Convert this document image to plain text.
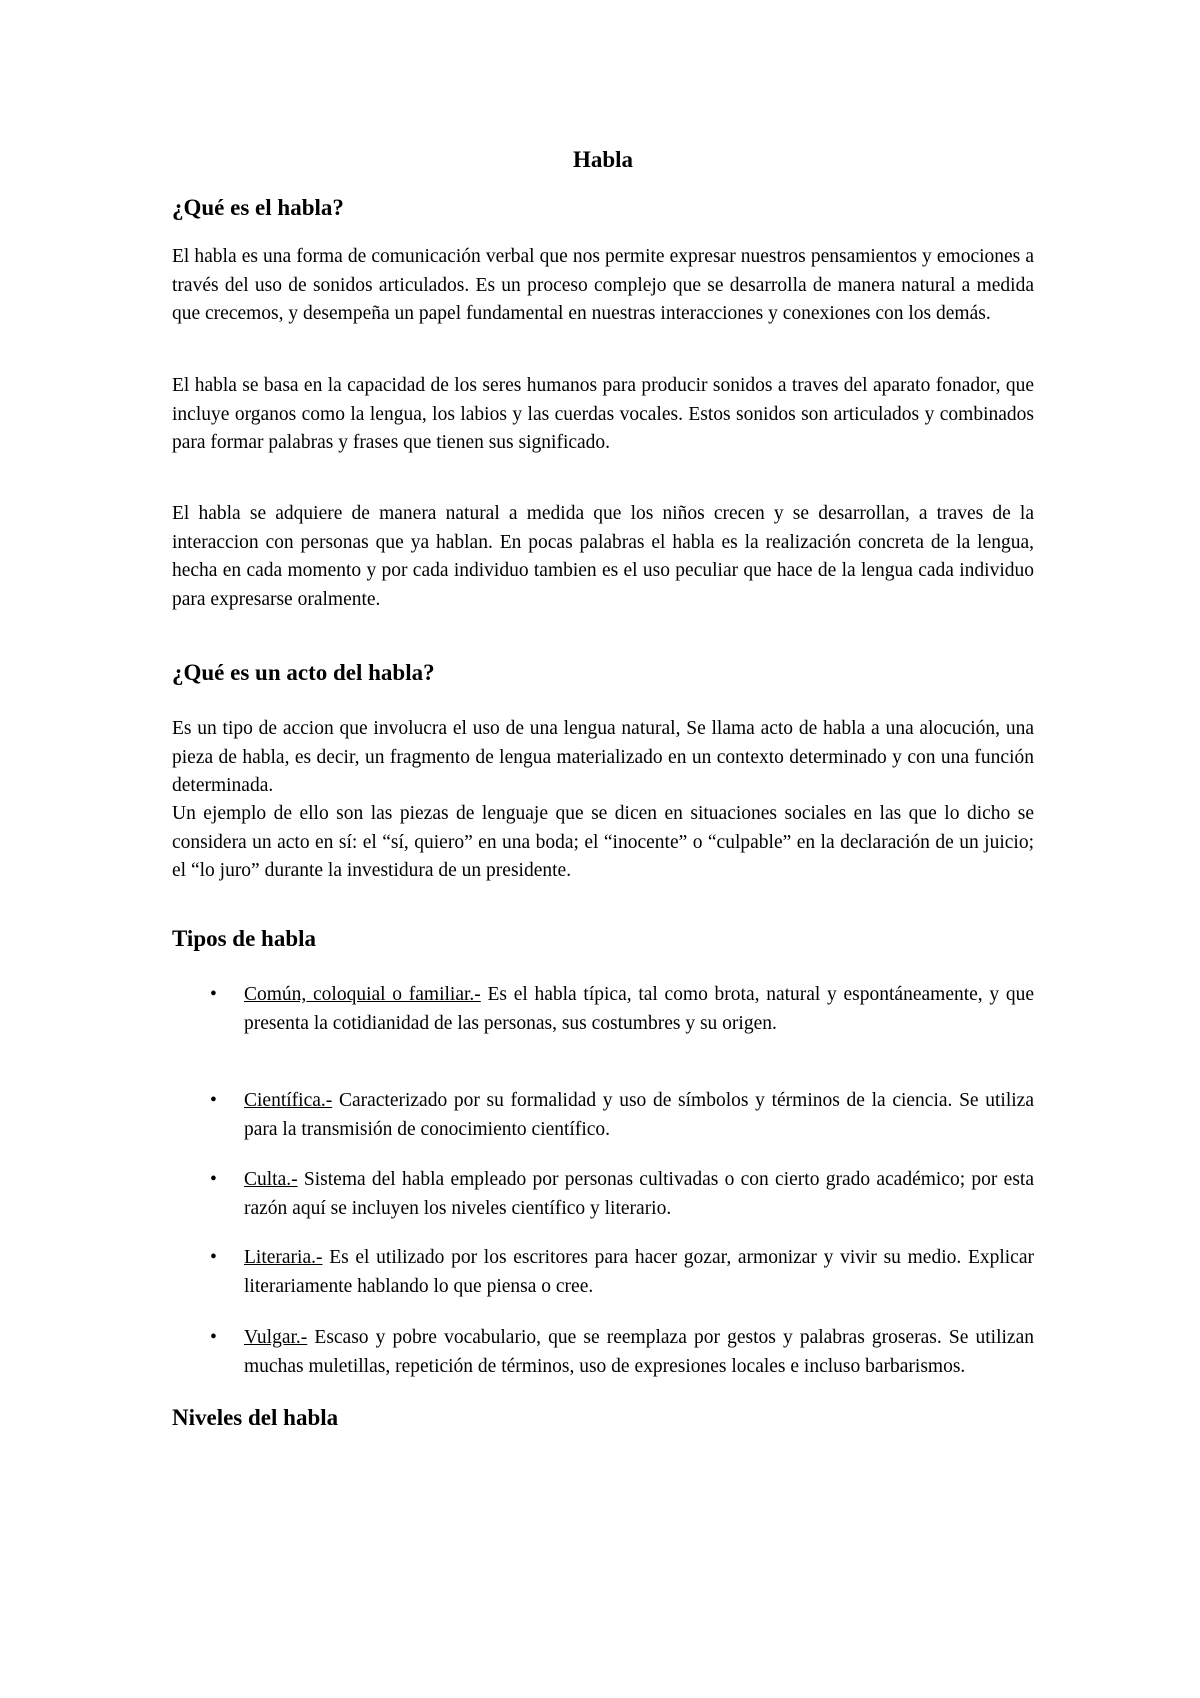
Habla
¿Qué es el habla?

El habla es una forma de comunicación verbal que nos permite expresar nuestros pensamientos y emociones a través del uso de sonidos articulados. Es un proceso complejo que se desarrolla de manera natural a medida que crecemos, y desempeña un papel fundamental en nuestras interacciones y conexiones con los demás.

El habla se basa en la capacidad de los seres humanos para producir sonidos a traves del aparato fonador, que incluye organos como la lengua, los labios y las cuerdas vocales. Estos sonidos son articulados y combinados para formar palabras y frases que tienen sus significado.

El habla se adquiere de manera natural a medida que los niños crecen y se desarrollan, a traves de la interaccion con personas que ya hablan. En pocas palabras el habla es la realización concreta de la lengua, hecha en cada momento y por cada individuo tambien es el uso peculiar que hace de la lengua cada individuo para expresarse oralmente.

¿Qué es un acto del habla?

Es un tipo de accion que involucra el uso de una lengua natural, Se llama acto de habla a una alocución, una pieza de habla, es decir, un fragmento de lengua materializado en un contexto determinado y con una función determinada.

Un ejemplo de ello son las piezas de lenguaje que se dicen en situaciones sociales en las que lo dicho se considera un acto en sí: el “sí, quiero” en una boda; el “inocente” o “culpable” en la declaración de un juicio; el “lo juro” durante la investidura de un presidente.

Tipos de habla
• Común, coloquial o familiar.- Es el habla típica, tal como brota, natural y espontáneamente, y que presenta la cotidianidad de las personas, sus costumbres y su origen.
• Científica.- Caracterizado por su formalidad y uso de símbolos y términos de la ciencia. Se utiliza para la transmisión de conocimiento científico.
• Culta.- Sistema del habla empleado por personas cultivadas o con cierto grado académico; por esta razón aquí se incluyen los niveles científico y literario.
• Literaria.- Es el utilizado por los escritores para hacer gozar, armonizar y vivir su medio. Explicar literariamente hablando lo que piensa o cree.
• Vulgar.- Escaso y pobre vocabulario, que se reemplaza por gestos y palabras groseras. Se utilizan muchas muletillas, repetición de términos, uso de expresiones locales e incluso barbarismos.
Niveles del habla
